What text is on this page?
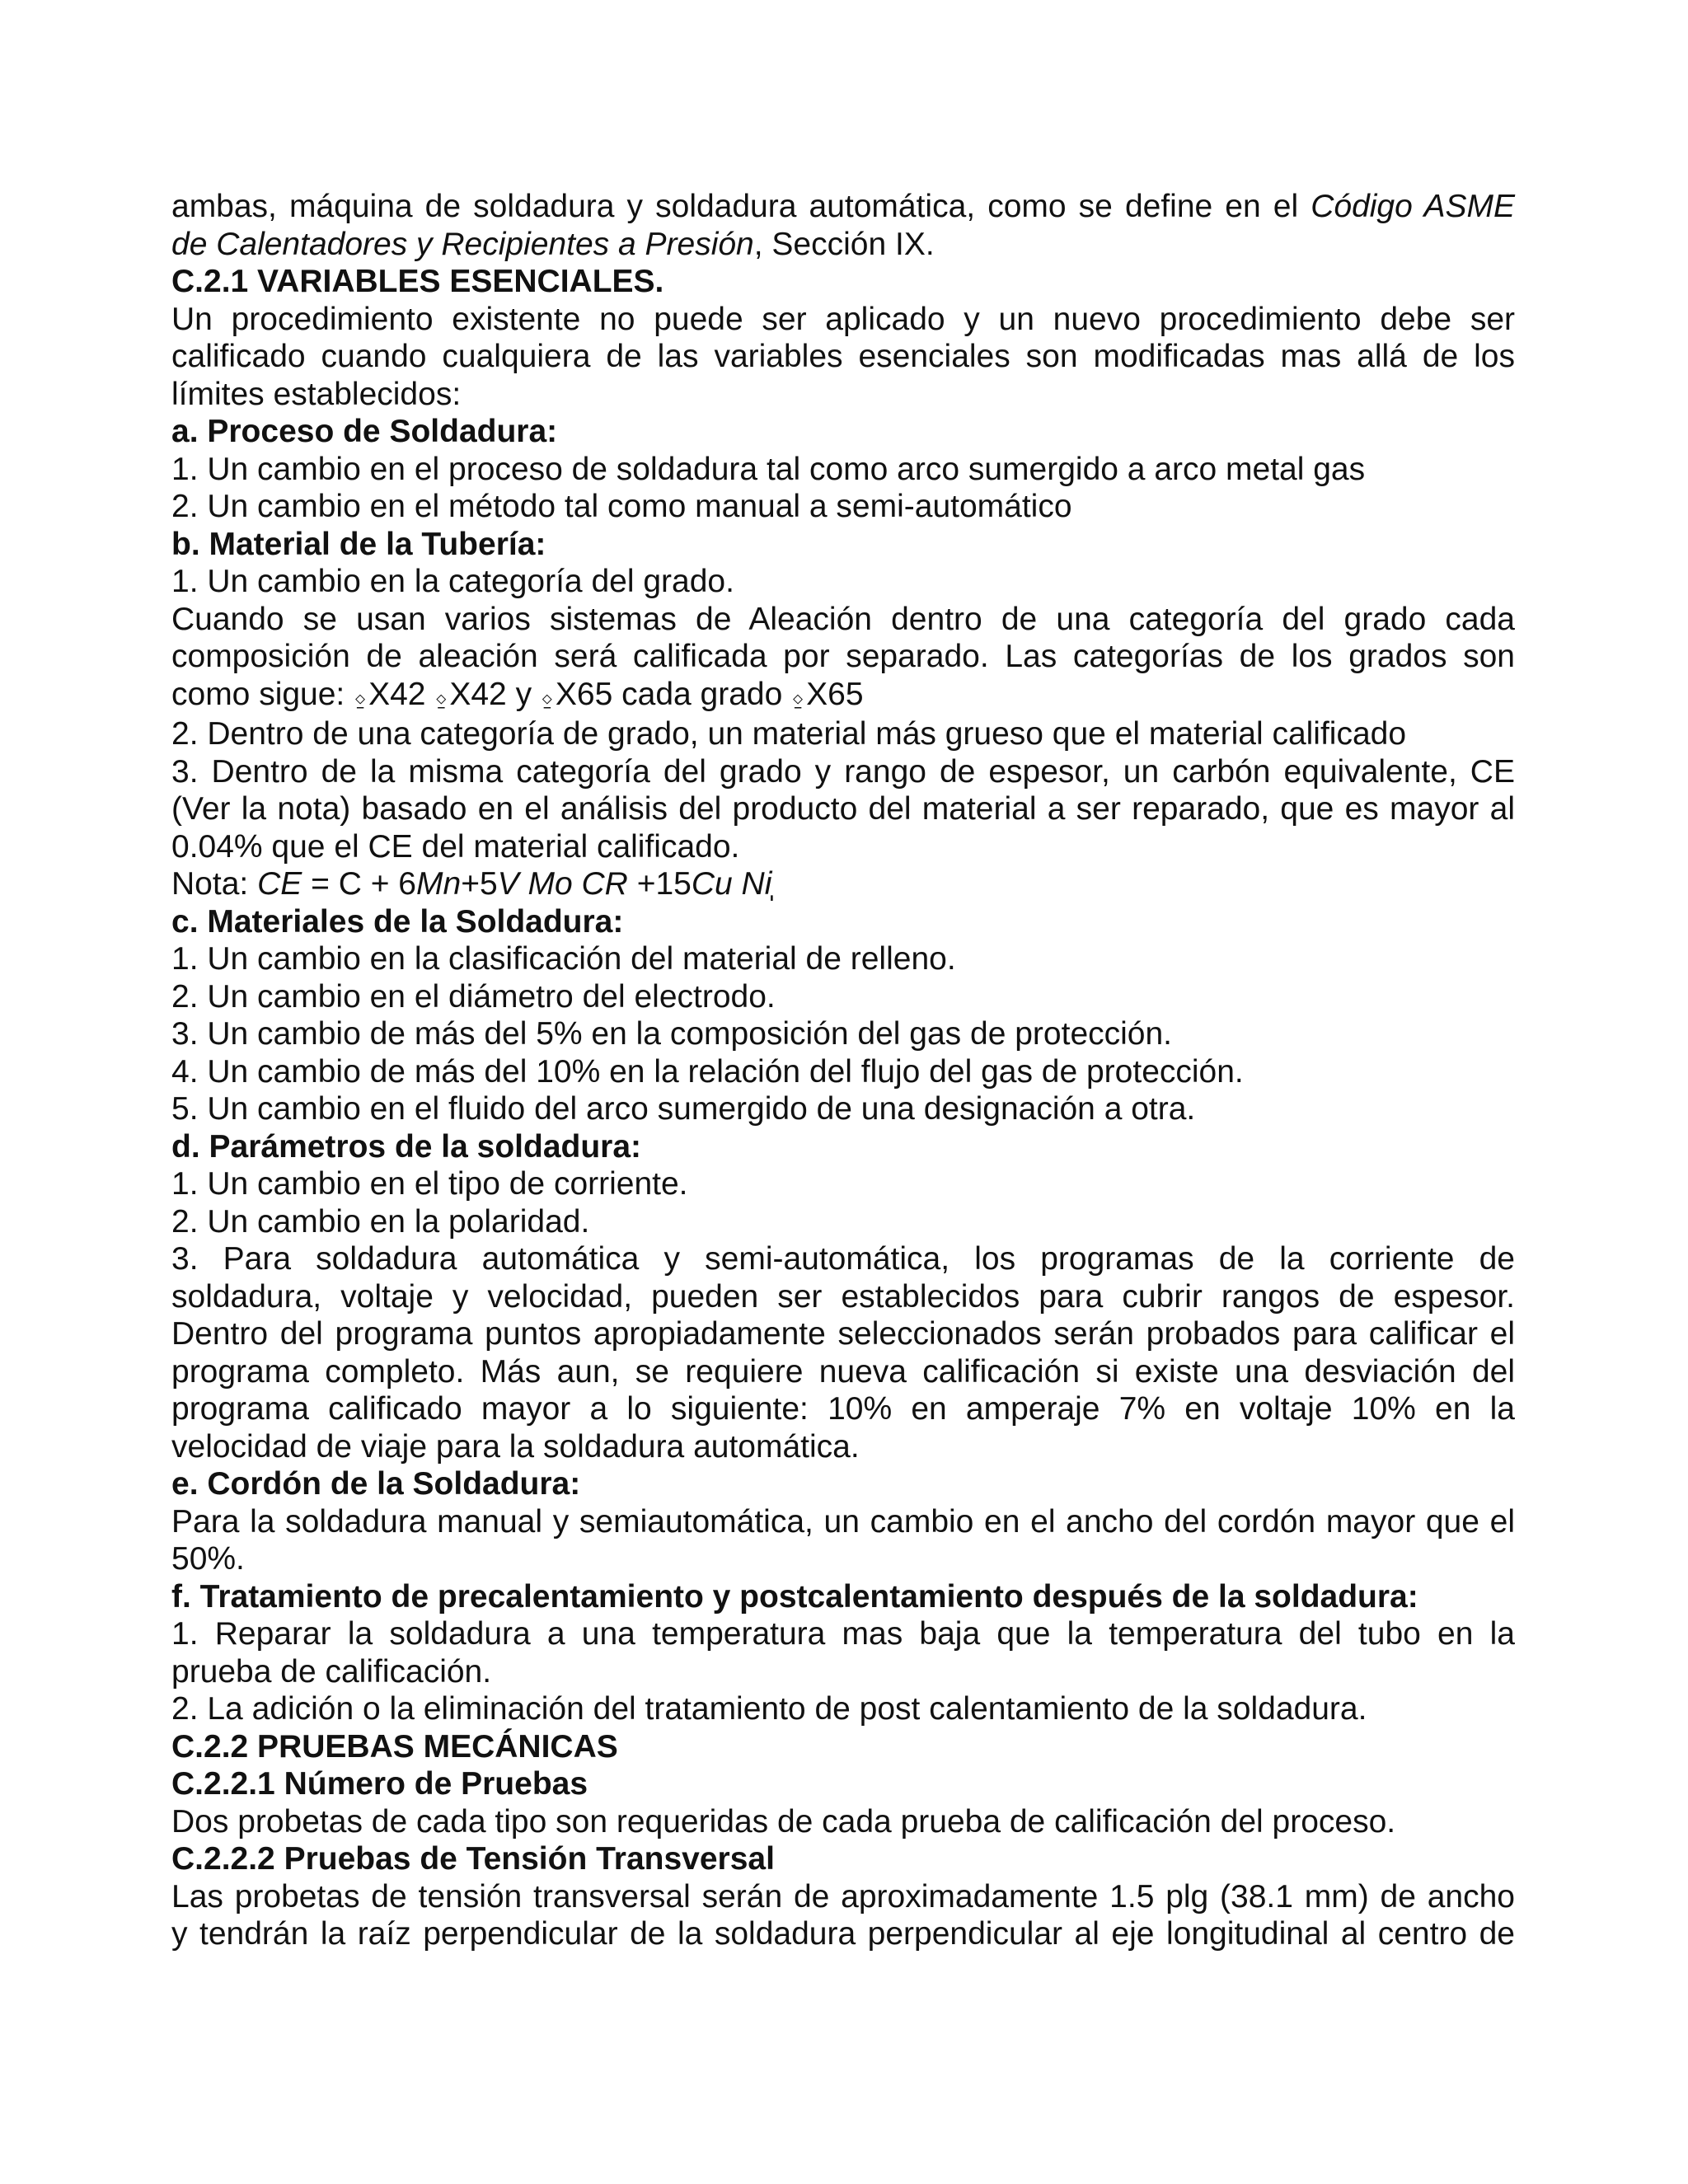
ambas, máquina de soldadura y soldadura automática, como se define en el Código ASME
de Calentadores y Recipientes a Presión, Sección IX.
C.2.1 VARIABLES ESENCIALES.
Un procedimiento existente no puede ser aplicado y un nuevo procedimiento debe ser
calificado cuando cualquiera de las variables esenciales son modificadas mas allá de los
límites establecidos:
a. Proceso de Soldadura:
1. Un cambio en el proceso de soldadura tal como arco sumergido a arco metal gas
2. Un cambio en el método tal como manual a semi-automático
b. Material de la Tubería:
1. Un cambio en la categoría del grado.
Cuando se usan varios sistemas de Aleación dentro de una categoría del grado cada
composición de aleación será calificada por separado. Las categorías de los grados son
como sigue: ⍚X42 ⍚X42 y ⍚X65 cada grado ⍚X65
2. Dentro de una categoría de grado, un material más grueso que el material calificado
3. Dentro de la misma categoría del grado y rango de espesor, un carbón equivalente, CE
(Ver la nota) basado en el análisis del producto del material a ser reparado, que es mayor al
0.04% que el CE del material calificado.
Nota: CE = C + 6Mn+5V Mo CR +15Cu Ni
c. Materiales de la Soldadura:
1. Un cambio en la clasificación del material de relleno.
2. Un cambio en el diámetro del electrodo.
3. Un cambio de más del 5% en la composición del gas de protección.
4. Un cambio de más del 10% en la relación del flujo del gas de protección.
5. Un cambio en el fluido del arco sumergido de una designación a otra.
d. Parámetros de la soldadura:
1. Un cambio en el tipo de corriente.
2. Un cambio en la polaridad.
3. Para soldadura automática y semi-automática, los programas de la corriente de
soldadura, voltaje y velocidad, pueden ser establecidos para cubrir rangos de espesor.
Dentro del programa puntos apropiadamente seleccionados serán probados para calificar el
programa completo. Más aun, se requiere nueva calificación si existe una desviación del
programa calificado mayor a lo siguiente: 10% en amperaje 7% en voltaje 10% en la
velocidad de viaje para la soldadura automática.
e. Cordón de la Soldadura:
Para la soldadura manual y semiautomática, un cambio en el ancho del cordón mayor que el
50%.
f. Tratamiento de precalentamiento y postcalentamiento después de la soldadura:
1. Reparar la soldadura a una temperatura mas baja que la temperatura del tubo en la
prueba de calificación.
2. La adición o la eliminación del tratamiento de post calentamiento de la soldadura.
C.2.2 PRUEBAS MECÁNICAS
C.2.2.1 Número de Pruebas
Dos probetas de cada tipo son requeridas de cada prueba de calificación del proceso.
C.2.2.2 Pruebas de Tensión Transversal
Las probetas de tensión transversal serán de aproximadamente 1.5 plg (38.1 mm) de ancho
y tendrán la raíz perpendicular de la soldadura perpendicular al eje longitudinal al centro de
